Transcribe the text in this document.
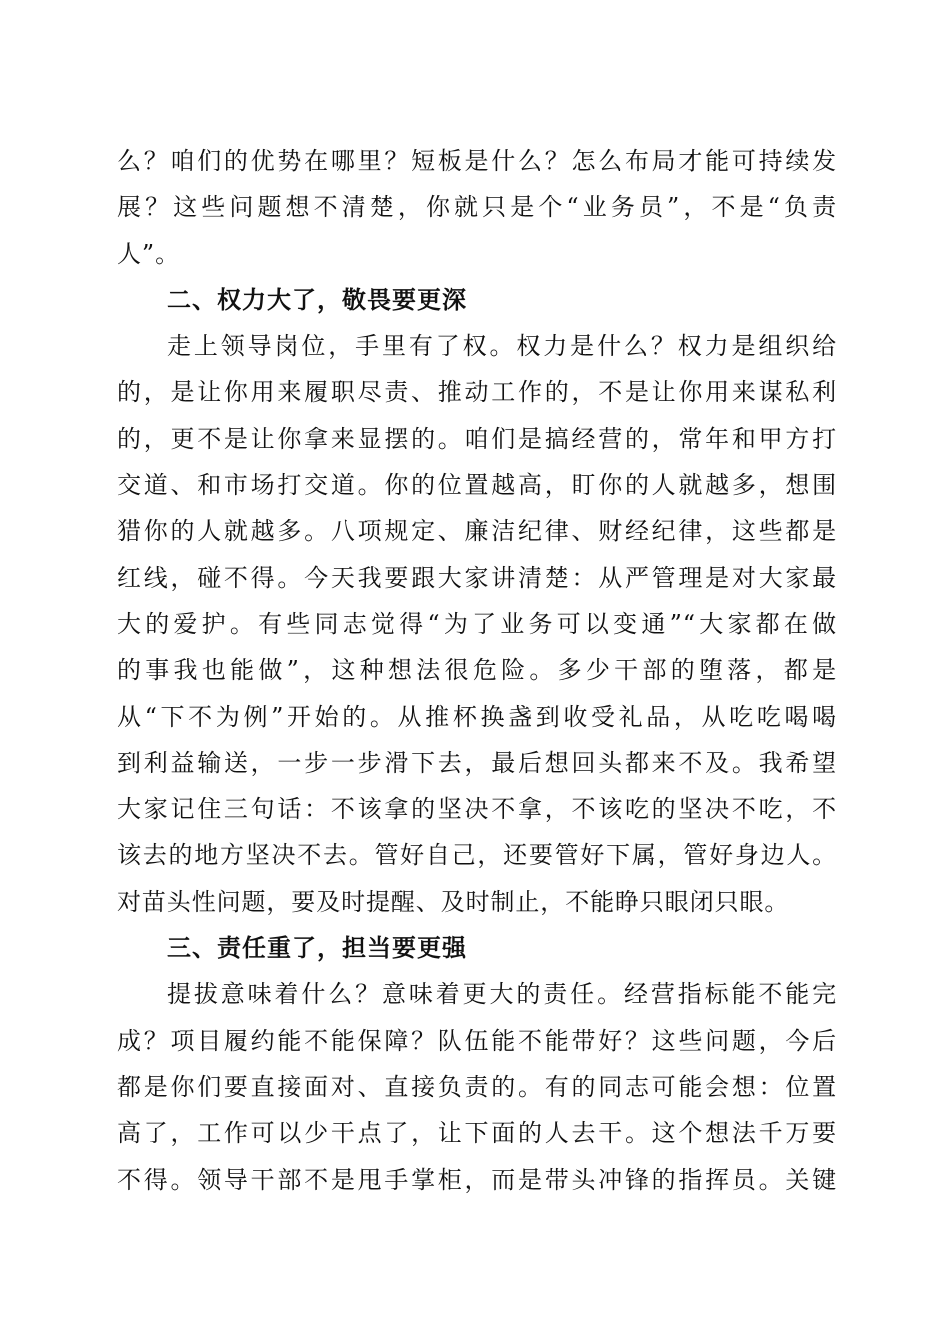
么？咱们的优势在哪里？短板是什么？怎么布局才能可持续发
展？这些问题想不清楚，你就只是个“业务员”，不是“负责
人”。
二、权力大了，敬畏要更深
走上领导岗位，手里有了权。权力是什么？权力是组织给
的，是让你用来履职尽责、推动工作的，不是让你用来谋私利
的，更不是让你拿来显摆的。咱们是搞经营的，常年和甲方打
交道、和市场打交道。你的位置越高，盯你的人就越多，想围
猎你的人就越多。八项规定、廉洁纪律、财经纪律，这些都是
红线，碰不得。今天我要跟大家讲清楚：从严管理是对大家最
大的爱护。有些同志觉得“为了业务可以变通”“大家都在做
的事我也能做”，这种想法很危险。多少干部的堕落，都是
从“下不为例”开始的。从推杯换盏到收受礼品，从吃吃喝喝
到利益输送，一步一步滑下去，最后想回头都来不及。我希望
大家记住三句话：不该拿的坚决不拿，不该吃的坚决不吃，不
该去的地方坚决不去。管好自己，还要管好下属，管好身边人。
对苗头性问题，要及时提醒、及时制止，不能睁只眼闭只眼。
三、责任重了，担当要更强
提拔意味着什么？意味着更大的责任。经营指标能不能完
成？项目履约能不能保障？队伍能不能带好？这些问题，今后
都是你们要直接面对、直接负责的。有的同志可能会想：位置
高了，工作可以少干点了，让下面的人去干。这个想法千万要
不得。领导干部不是甩手掌柜，而是带头冲锋的指挥员。关键
